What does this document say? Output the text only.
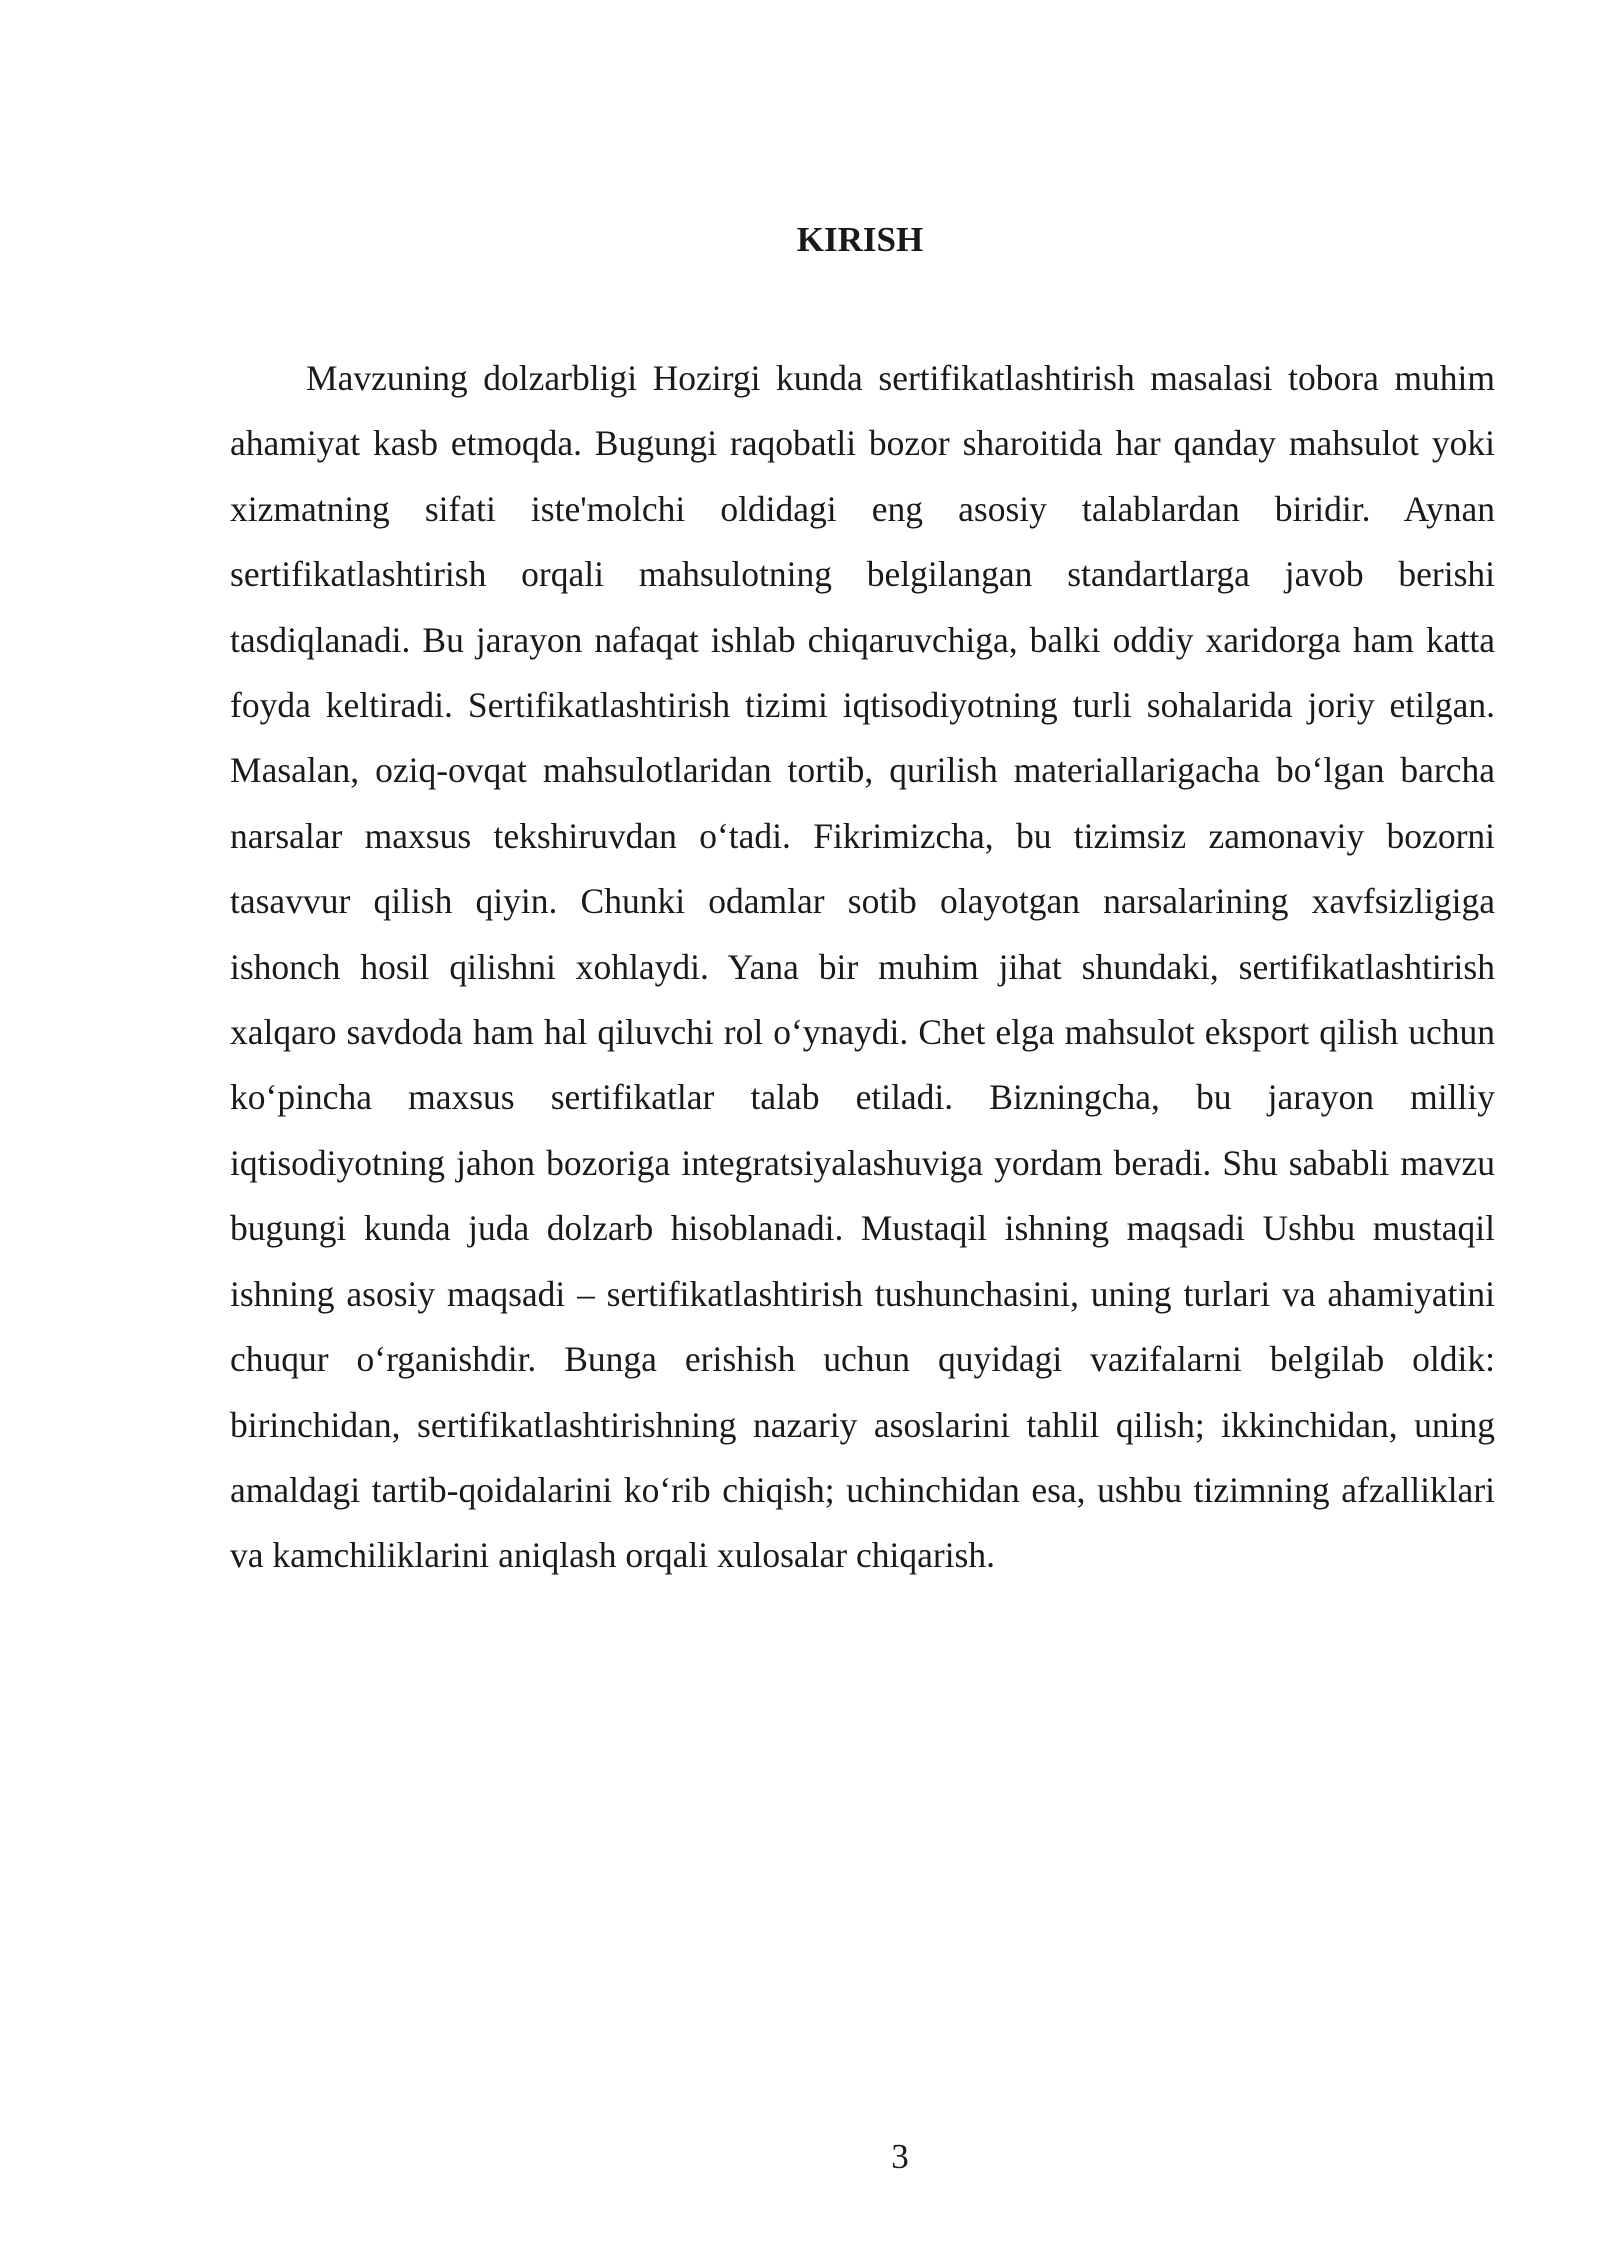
KIRISH

Mavzuning dolzarbligi Hozirgi kunda sertifikatlashtirish masalasi tobora muhim ahamiyat kasb etmoqda. Bugungi raqobatli bozor sharoitida har qanday mahsulot yoki xizmatning sifati iste'molchi oldidagi eng asosiy talablardan biridir. Aynan sertifikatlashtirish orqali mahsulotning belgilangan standartlarga javob berishi tasdiqlanadi. Bu jarayon nafaqat ishlab chiqaruvchiga, balki oddiy xaridorga ham katta foyda keltiradi. Sertifikatlashtirish tizimi iqtisodiyotning turli sohalarida joriy etilgan. Masalan, oziq-ovqat mahsulotlaridan tortib, qurilish materiallarigacha bo‘lgan barcha narsalar maxsus tekshiruvdan o‘tadi. Fikrimizcha, bu tizimsiz zamonaviy bozorni tasavvur qilish qiyin. Chunki odamlar sotib olayotgan narsalarining xavfsizligiga ishonch hosil qilishni xohlaydi. Yana bir muhim jihat shundaki, sertifikatlashtirish xalqaro savdoda ham hal qiluvchi rol o‘ynaydi. Chet elga mahsulot eksport qilish uchun ko‘pincha maxsus sertifikatlar talab etiladi. Bizningcha, bu jarayon milliy iqtisodiyotning jahon bozoriga integratsiyalashuviga yordam beradi. Shu sababli mavzu bugungi kunda juda dolzarb hisoblanadi. Mustaqil ishning maqsadi Ushbu mustaqil ishning asosiy maqsadi – sertifikatlashtirish tushunchasini, uning turlari va ahamiyatini chuqur o‘rganishdir. Bunga erishish uchun quyidagi vazifalarni belgilab oldik: birinchidan, sertifikatlashtirishning nazariy asoslarini tahlil qilish; ikkinchidan, uning amaldagi tartib-qoidalarini ko‘rib chiqish; uchinchidan esa, ushbu tizimning afzalliklari va kamchiliklarini aniqlash orqali xulosalar chiqarish.

3
